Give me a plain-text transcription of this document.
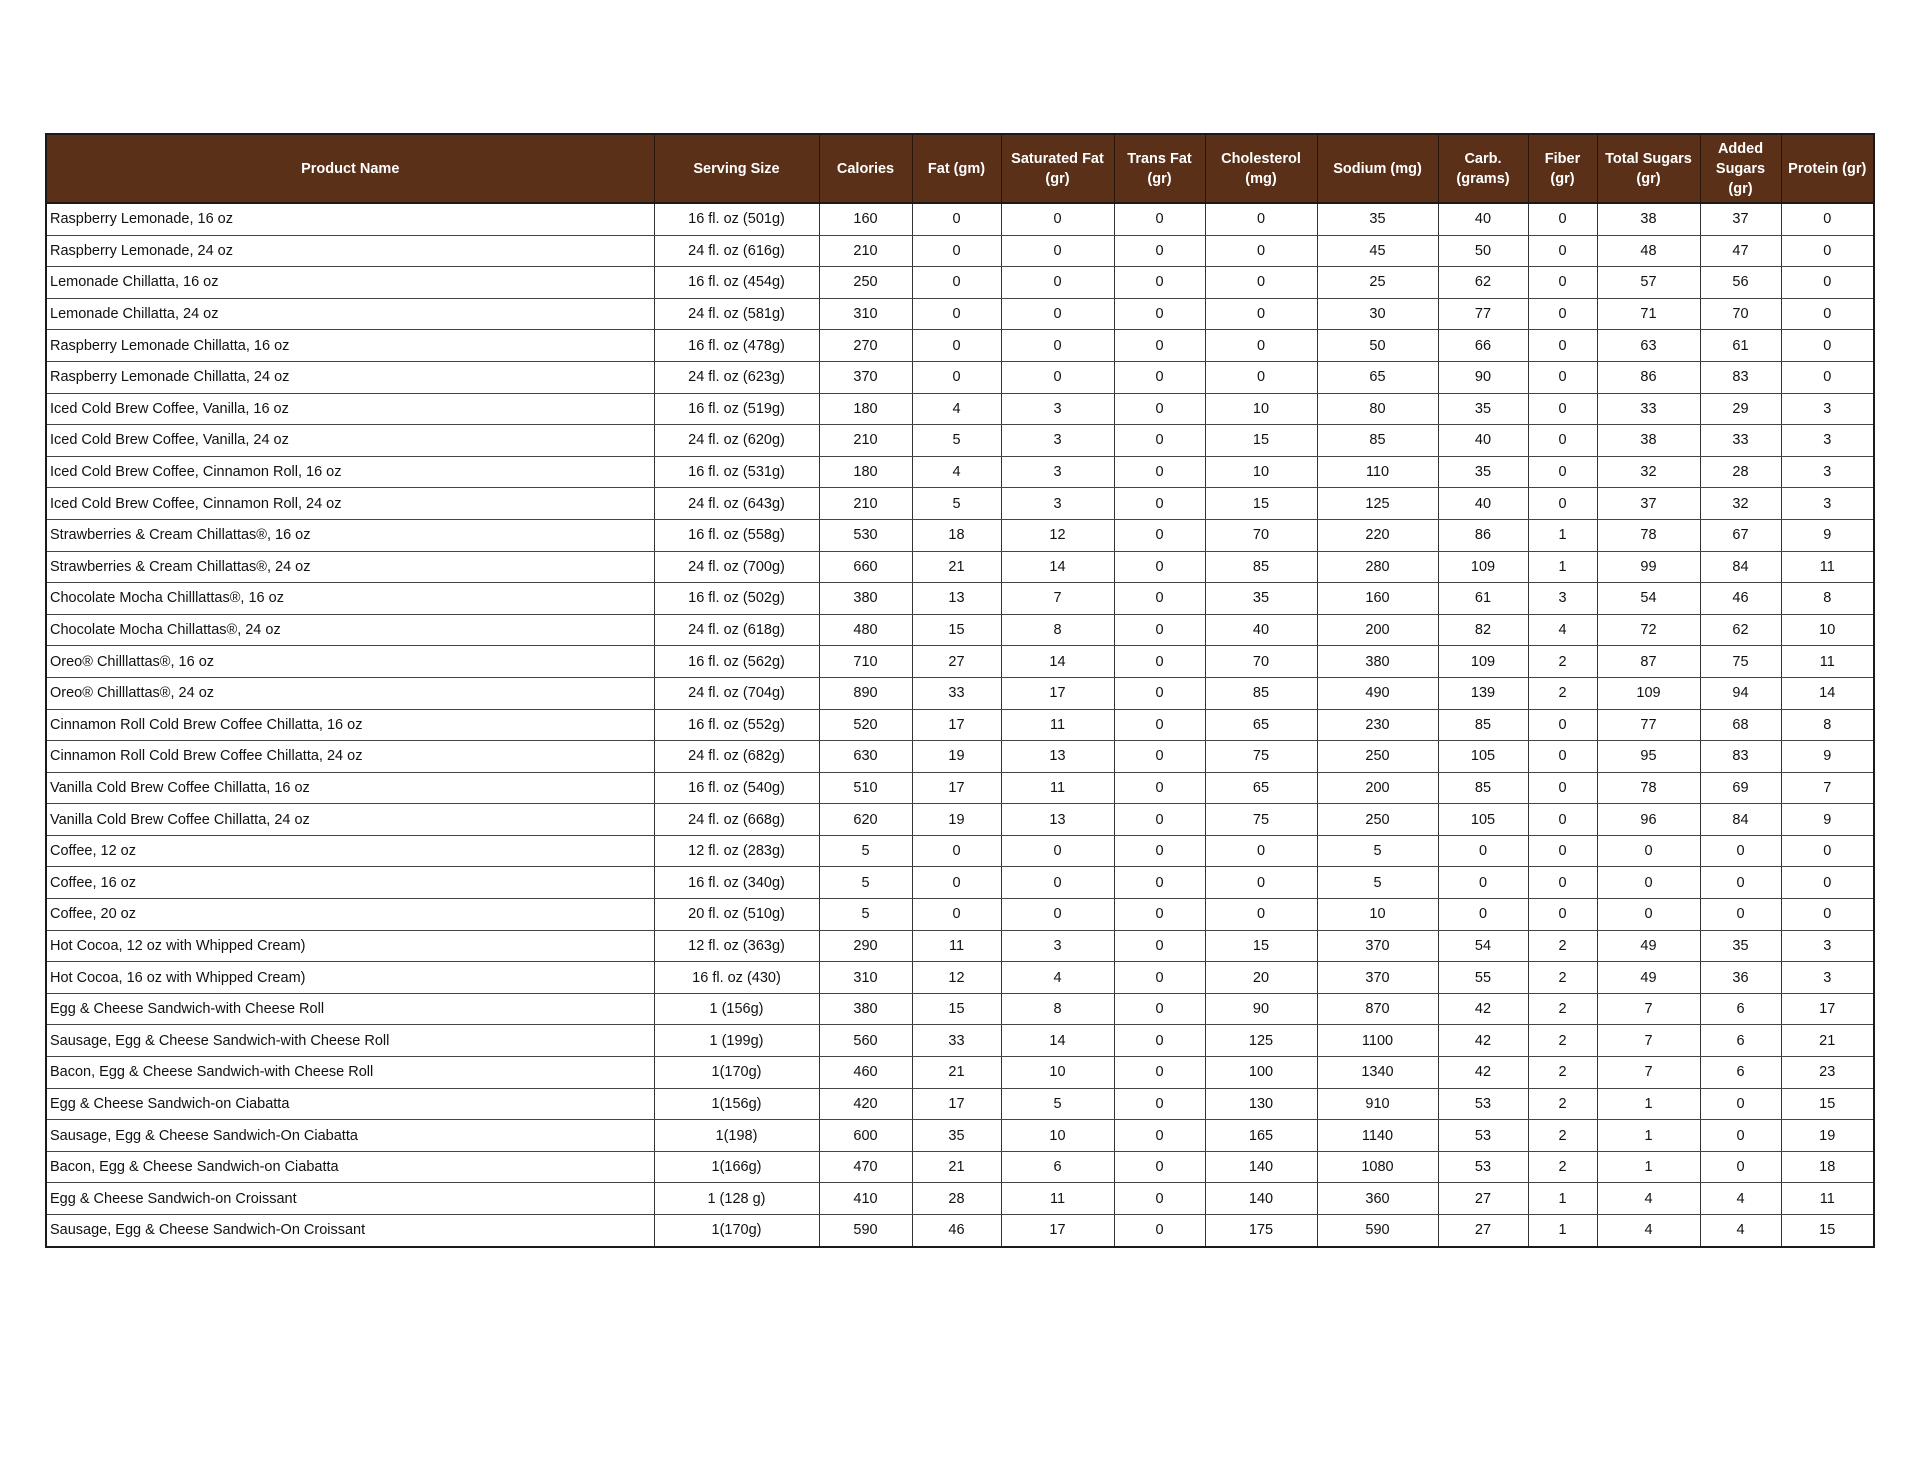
Product Name	Serving Size	Calories	Fat (gm)	Saturated Fat (gr)	Trans Fat (gr)	Cholesterol (mg)	Sodium (mg)	Carb. (grams)	Fiber (gr)	Total Sugars (gr)	Added Sugars (gr)	Protein (gr)
Raspberry Lemonade, 16 oz	16 fl. oz (501g)	160	0	0	0	0	35	40	0	38	37	0
Raspberry Lemonade, 24 oz	24 fl. oz (616g)	210	0	0	0	0	45	50	0	48	47	0
Lemonade Chillatta, 16 oz	16 fl. oz (454g)	250	0	0	0	0	25	62	0	57	56	0
Lemonade Chillatta, 24 oz	24 fl. oz (581g)	310	0	0	0	0	30	77	0	71	70	0
Raspberry Lemonade Chillatta, 16 oz	16 fl. oz (478g)	270	0	0	0	0	50	66	0	63	61	0
Raspberry Lemonade Chillatta, 24 oz	24 fl. oz (623g)	370	0	0	0	0	65	90	0	86	83	0
Iced Cold Brew Coffee, Vanilla, 16 oz	16 fl. oz (519g)	180	4	3	0	10	80	35	0	33	29	3
Iced Cold Brew Coffee, Vanilla, 24 oz	24 fl. oz (620g)	210	5	3	0	15	85	40	0	38	33	3
Iced Cold Brew Coffee, Cinnamon Roll, 16 oz	16 fl. oz (531g)	180	4	3	0	10	110	35	0	32	28	3
Iced Cold Brew Coffee, Cinnamon Roll, 24 oz	24 fl. oz (643g)	210	5	3	0	15	125	40	0	37	32	3
Strawberries & Cream Chillattas®, 16 oz	16 fl. oz (558g)	530	18	12	0	70	220	86	1	78	67	9
Strawberries & Cream Chillattas®, 24 oz	24 fl. oz (700g)	660	21	14	0	85	280	109	1	99	84	11
Chocolate Mocha Chilllattas®, 16 oz	16 fl. oz (502g)	380	13	7	0	35	160	61	3	54	46	8
Chocolate Mocha Chillattas®, 24 oz	24 fl. oz (618g)	480	15	8	0	40	200	82	4	72	62	10
Oreo® Chilllattas®, 16 oz	16 fl. oz (562g)	710	27	14	0	70	380	109	2	87	75	11
Oreo® Chilllattas®, 24 oz	24 fl. oz (704g)	890	33	17	0	85	490	139	2	109	94	14
Cinnamon Roll Cold Brew Coffee Chillatta, 16 oz	16 fl. oz (552g)	520	17	11	0	65	230	85	0	77	68	8
Cinnamon Roll Cold Brew Coffee Chillatta, 24 oz	24 fl. oz (682g)	630	19	13	0	75	250	105	0	95	83	9
Vanilla Cold Brew Coffee Chillatta, 16 oz	16 fl. oz (540g)	510	17	11	0	65	200	85	0	78	69	7
Vanilla Cold Brew Coffee Chillatta, 24 oz	24 fl. oz (668g)	620	19	13	0	75	250	105	0	96	84	9
Coffee, 12 oz	12 fl. oz (283g)	5	0	0	0	0	5	0	0	0	0	0
Coffee, 16 oz	16 fl. oz (340g)	5	0	0	0	0	5	0	0	0	0	0
Coffee, 20 oz	20 fl. oz (510g)	5	0	0	0	0	10	0	0	0	0	0
Hot Cocoa, 12 oz with Whipped Cream)	12 fl. oz (363g)	290	11	3	0	15	370	54	2	49	35	3
Hot Cocoa, 16 oz with Whipped Cream)	16 fl. oz (430)	310	12	4	0	20	370	55	2	49	36	3
Egg & Cheese Sandwich-with Cheese Roll	1 (156g)	380	15	8	0	90	870	42	2	7	6	17
Sausage, Egg & Cheese Sandwich-with Cheese Roll	1 (199g)	560	33	14	0	125	1100	42	2	7	6	21
Bacon, Egg & Cheese Sandwich-with Cheese Roll	1(170g)	460	21	10	0	100	1340	42	2	7	6	23
Egg & Cheese Sandwich-on Ciabatta	1(156g)	420	17	5	0	130	910	53	2	1	0	15
Sausage, Egg & Cheese Sandwich-On Ciabatta	1(198)	600	35	10	0	165	1140	53	2	1	0	19
Bacon, Egg & Cheese Sandwich-on Ciabatta	1(166g)	470	21	6	0	140	1080	53	2	1	0	18
Egg & Cheese Sandwich-on Croissant	1 (128 g)	410	28	11	0	140	360	27	1	4	4	11
Sausage, Egg & Cheese Sandwich-On Croissant	1(170g)	590	46	17	0	175	590	27	1	4	4	15
